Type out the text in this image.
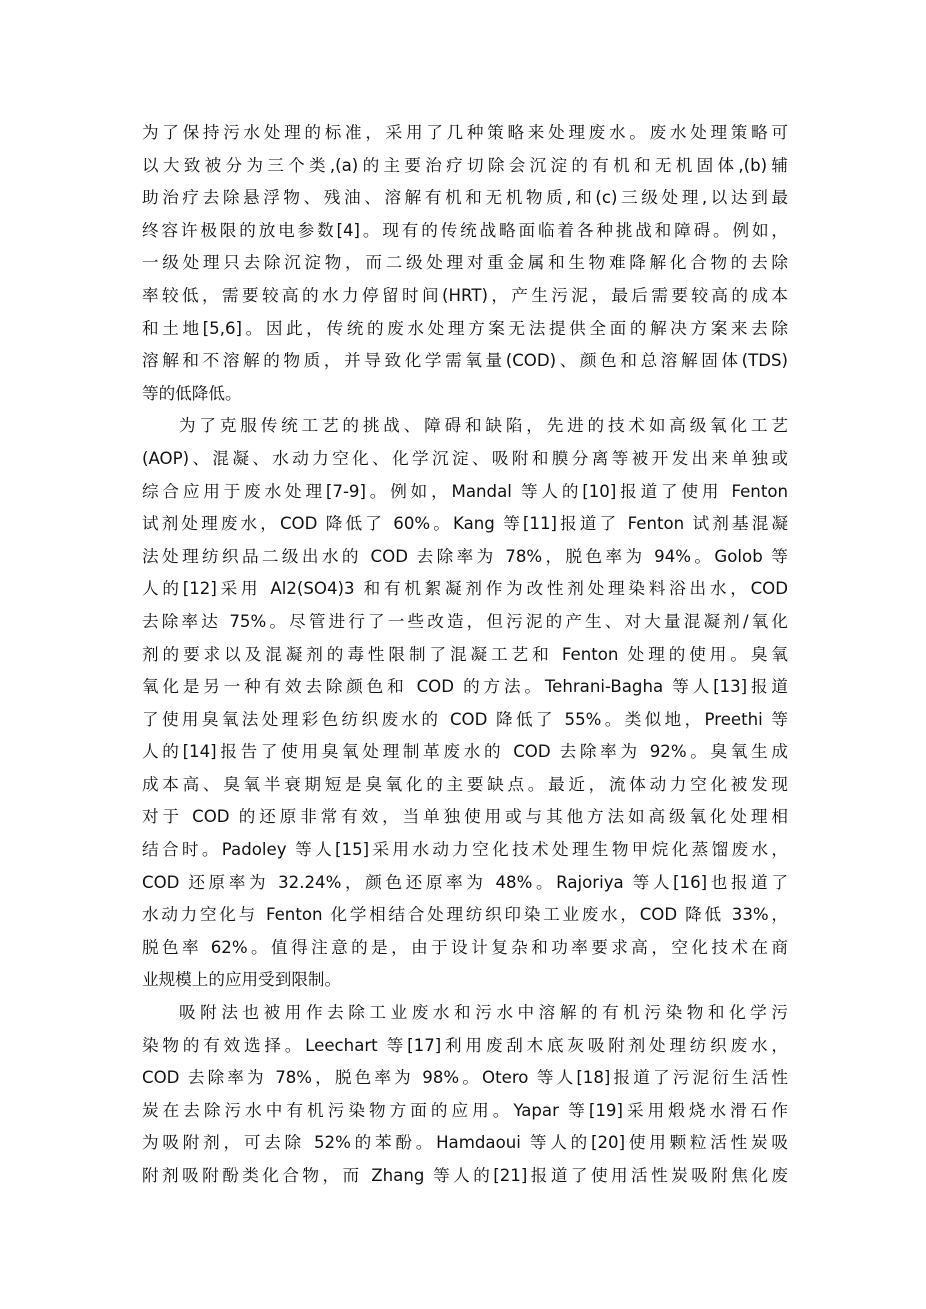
为了保持污水处理的标准，采用了几种策略来处理废水。废水处理策略可
以大致被分为三个类,(a)的主要治疗切除会沉淀的有机和无机固体,(b)辅
助治疗去除悬浮物、残油、溶解有机和无机物质,和(c)三级处理,以达到最
终容许极限的放电参数[4]。现有的传统战略面临着各种挑战和障碍。例如，
一级处理只去除沉淀物，而二级处理对重金属和生物难降解化合物的去除
率较低，需要较高的水力停留时间(HRT)，产生污泥，最后需要较高的成本
和土地[5,6]。因此，传统的废水处理方案无法提供全面的解决方案来去除
溶解和不溶解的物质，并导致化学需氧量(COD)、颜色和总溶解固体(TDS)
等的低降低。
为了克服传统工艺的挑战、障碍和缺陷，先进的技术如高级氧化工艺
(AOP)、混凝、水动力空化、化学沉淀、吸附和膜分离等被开发出来单独或
综合应用于废水处理[7-9]。例如，Mandal 等人的[10]报道了使用 Fenton
试剂处理废水，COD 降低了 60%。Kang 等[11]报道了 Fenton 试剂基混凝
法处理纺织品二级出水的 COD 去除率为 78%，脱色率为 94%。Golob 等
人的[12]采用 Al2(SO4)3 和有机絮凝剂作为改性剂处理染料浴出水，COD
去除率达 75%。尽管进行了一些改造，但污泥的产生、对大量混凝剂/氧化
剂的要求以及混凝剂的毒性限制了混凝工艺和 Fenton 处理的使用。臭氧
氧化是另一种有效去除颜色和 COD 的方法。Tehrani-Bagha 等人[13]报道
了使用臭氧法处理彩色纺织废水的 COD 降低了 55%。类似地，Preethi 等
人的[14]报告了使用臭氧处理制革废水的 COD 去除率为 92%。臭氧生成
成本高、臭氧半衰期短是臭氧化的主要缺点。最近，流体动力空化被发现
对于 COD 的还原非常有效，当单独使用或与其他方法如高级氧化处理相
结合时。Padoley 等人[15]采用水动力空化技术处理生物甲烷化蒸馏废水，
COD 还原率为 32.24%，颜色还原率为 48%。Rajoriya 等人[16]也报道了
水动力空化与 Fenton 化学相结合处理纺织印染工业废水，COD 降低 33%，
脱色率 62%。值得注意的是，由于设计复杂和功率要求高，空化技术在商
业规模上的应用受到限制。
吸附法也被用作去除工业废水和污水中溶解的有机污染物和化学污
染物的有效选择。Leechart 等[17]利用废刮木底灰吸附剂处理纺织废水，
COD 去除率为 78%，脱色率为 98%。Otero 等人[18]报道了污泥衍生活性
炭在去除污水中有机污染物方面的应用。Yapar 等[19]采用煅烧水滑石作
为吸附剂，可去除 52%的苯酚。Hamdaoui 等人的[20]使用颗粒活性炭吸
附剂吸附酚类化合物，而 Zhang 等人的[21]报道了使用活性炭吸附焦化废
